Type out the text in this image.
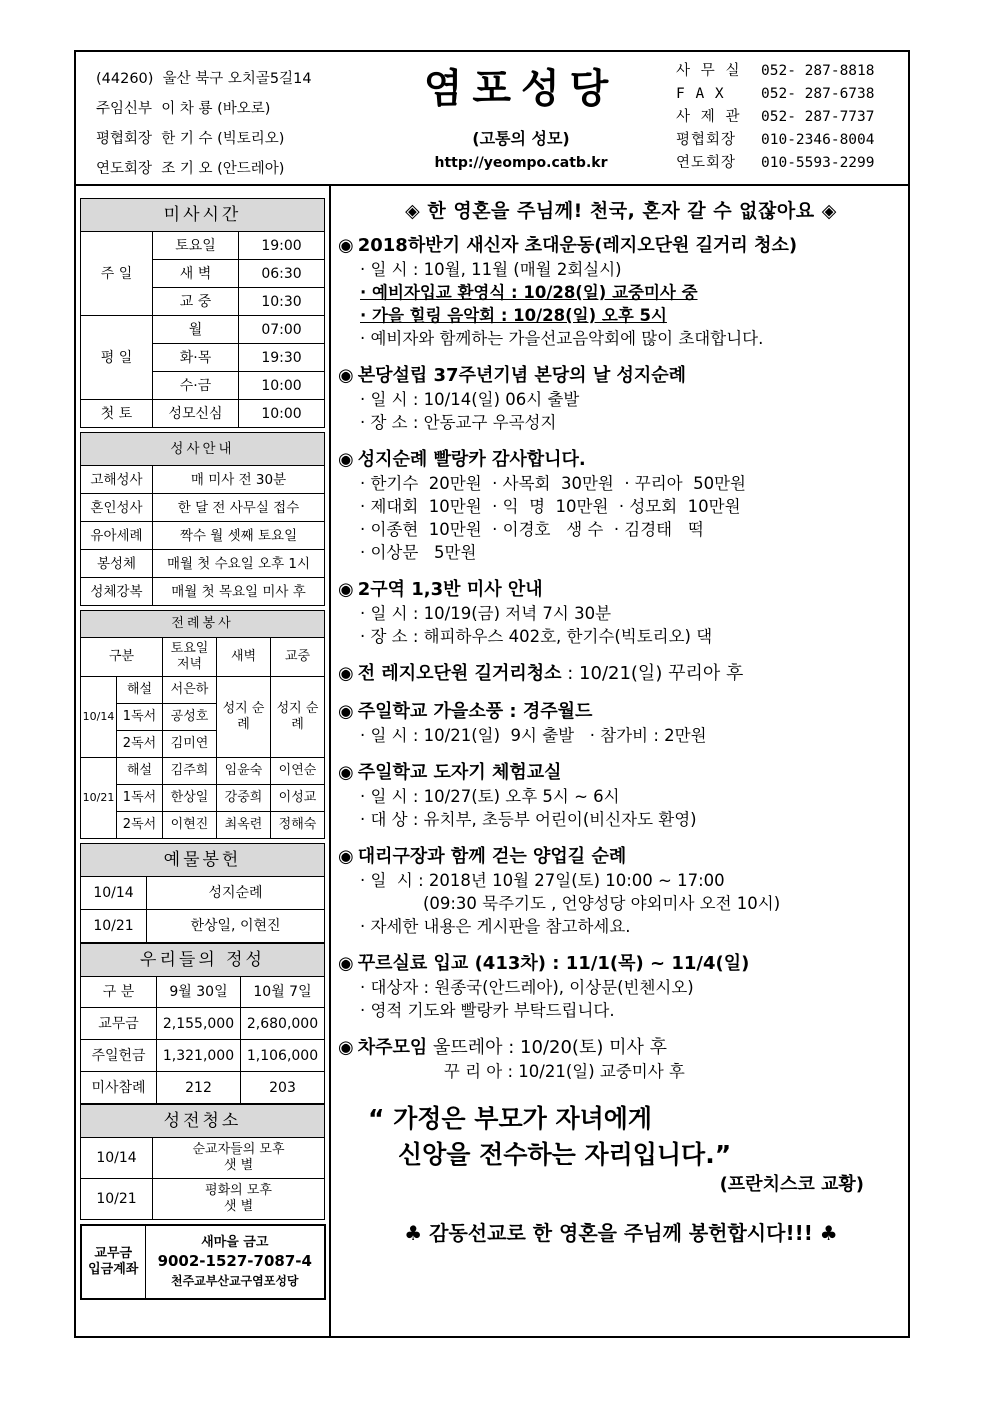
(44260)  울산 북구 오치골5길14
주임신부  이 차 룡 (바오로)
평협회장  한 기 수 (빅토리오)
연도회장  조 기 오 (안드레아)
염포성당
(고통의 성모)
http://yeompo.catb.kr
사 무 실 052- 287-8818
F A X	052- 287-6738
사 제 관 052- 287-7737
평협회장 010-2346-8004
연도회장 010-5593-2299
미사시간		
주 일	토요일	19:00
	새 벽	06:30
	교 중	10:30
평 일	월	07:00
	화·목	19:30
	수·금	10:00
첫 토	성모신심	10:00
성사안내	
고해성사	매 미사 전 30분
혼인성사	한 달 전 사무실 접수
유아세례	짝수 월 셋째 토요일
봉성체	매월 첫 수요일 오후 1시
성체강복	매월 첫 목요일 미사 후
전례봉사				
구분		토요일 저녁	새벽	교중
10/14	해설	서은하	성지 순례	성지 순례
	1독서	공성호		
	2독서	김미연		
10/21	해설	김주희	임윤숙	이연순
	1독서	한상일	강중희	이성교
	2독서	이현진	최옥련	정해숙
예물봉헌	
10/14	성지순례
10/21	한상일, 이현진
우리들의 정성		
구 분	9월 30일	10월 7일
교무금	2,155,000	2,680,000
주일헌금	1,321,000	1,106,000
미사참례	212	203
성전청소	
10/14	순교자들의 모후
샛 별
10/21	평화의 모후
샛 별
교무금
입금계좌	새마을 금고
9002-1527-7087-4
천주교부산교구염포성당
◈ 한 영혼을 주님께! 천국, 혼자 갈 수 없잖아요 ◈
◉ 2018하반기 새신자 초대운동(레지오단원 길거리 청소)
· 일 시 : 10월, 11월 (매월 2회실시)
· 예비자입교 환영식 : 10/28(일) 교중미사 중
· 가을 힐링 음악회 : 10/28(일) 오후 5시
· 예비자와 함께하는 가을선교음악회에 많이 초대합니다.
◉ 본당설립 37주년기념 본당의 날 성지순례
· 일 시 : 10/14(일) 06시 출발
· 장 소 : 안동교구 우곡성지
◉ 성지순례 빨랑카 감사합니다.
· 한기수  20만원  · 사목회  30만원  · 꾸리아  50만원
· 제대회  10만원  · 익  명  10만원  · 성모회  10만원
· 이종현  10만원  · 이경호   생 수  · 김경태   떡
· 이상문   5만원
◉ 2구역 1,3반 미사 안내
· 일 시 : 10/19(금) 저녁 7시 30분
· 장 소 : 해피하우스 402호, 한기수(빅토리오) 댁
◉ 전 레지오단원 길거리청소 : 10/21(일) 꾸리아 후
◉ 주일학교 가을소풍 : 경주월드
· 일 시 : 10/21(일)  9시 출발   · 참가비 : 2만원
◉ 주일학교 도자기 체험교실
· 일 시 : 10/27(토) 오후 5시 ~ 6시
· 대 상 : 유치부, 초등부 어린이(비신자도 환영)
◉ 대리구장과 함께 걷는 양업길 순례
· 일  시 : 2018년 10월 27일(토) 10:00 ~ 17:00
(09:30 묵주기도 , 언양성당 야외미사 오전 10시)
· 자세한 내용은 게시판을 참고하세요.
◉ 꾸르실료 입교 (413차) : 11/1(목) ~ 11/4(일)
· 대상자 : 원종국(안드레아), 이상문(빈첸시오)
· 영적 기도와 빨랑카 부탁드립니다.
◉ 차주모임 울뜨레아 : 10/20(토) 미사 후
꾸 리 아 : 10/21(일) 교중미사 후
“ 가정은 부모가 자녀에게
신앙을 전수하는 자리입니다.”
(프란치스코 교황)
♣ 감동선교로 한 영혼을 주님께 봉헌합시다!!! ♣
